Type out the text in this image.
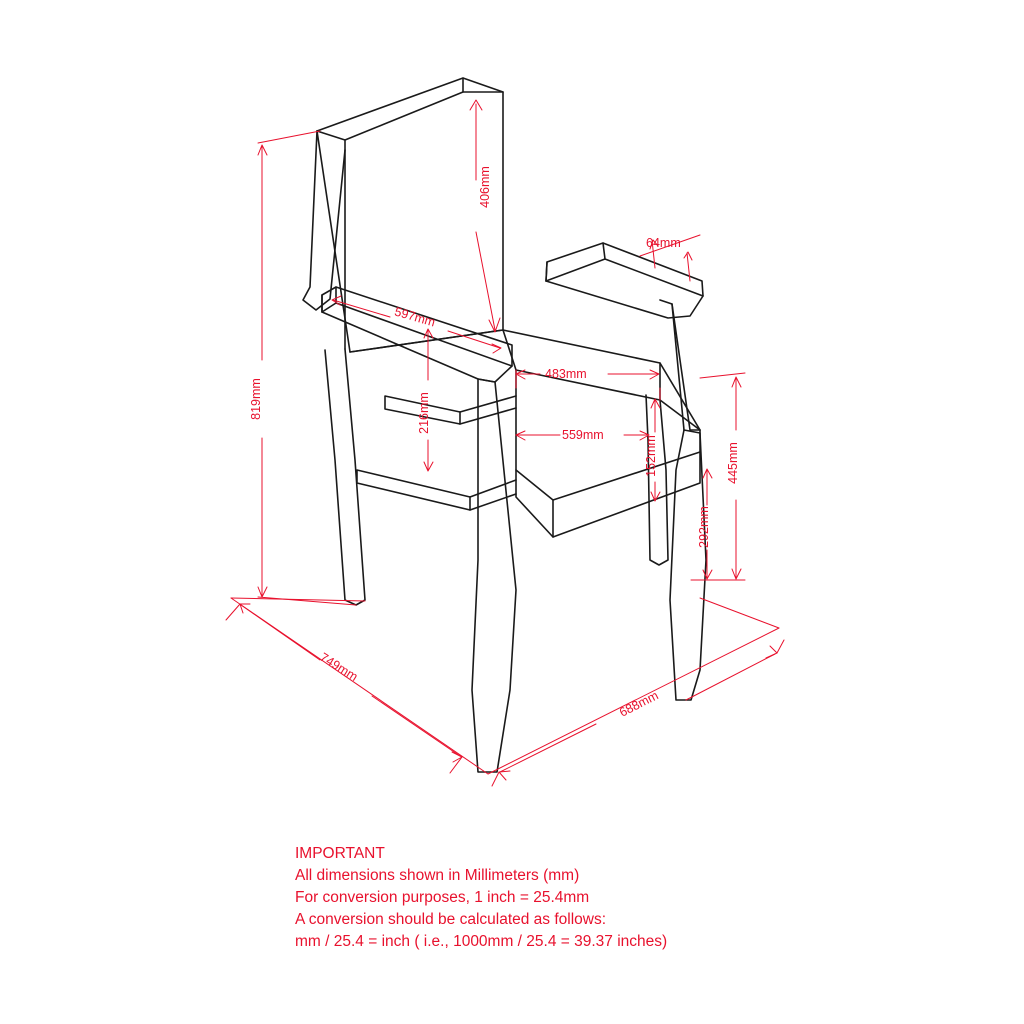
406mm
64mm
597mm
483mm
559mm
819mm	216mm
152mm	445mm
292mm
749mm
688mm
IMPORTANT
All dimensions shown in Millimeters (mm)
For conversion purposes, 1 inch = 25.4mm
A conversion should be calculated as follows:
mm / 25.4 = inch ( i.e., 1000mm / 25.4 = 39.37 inches)
